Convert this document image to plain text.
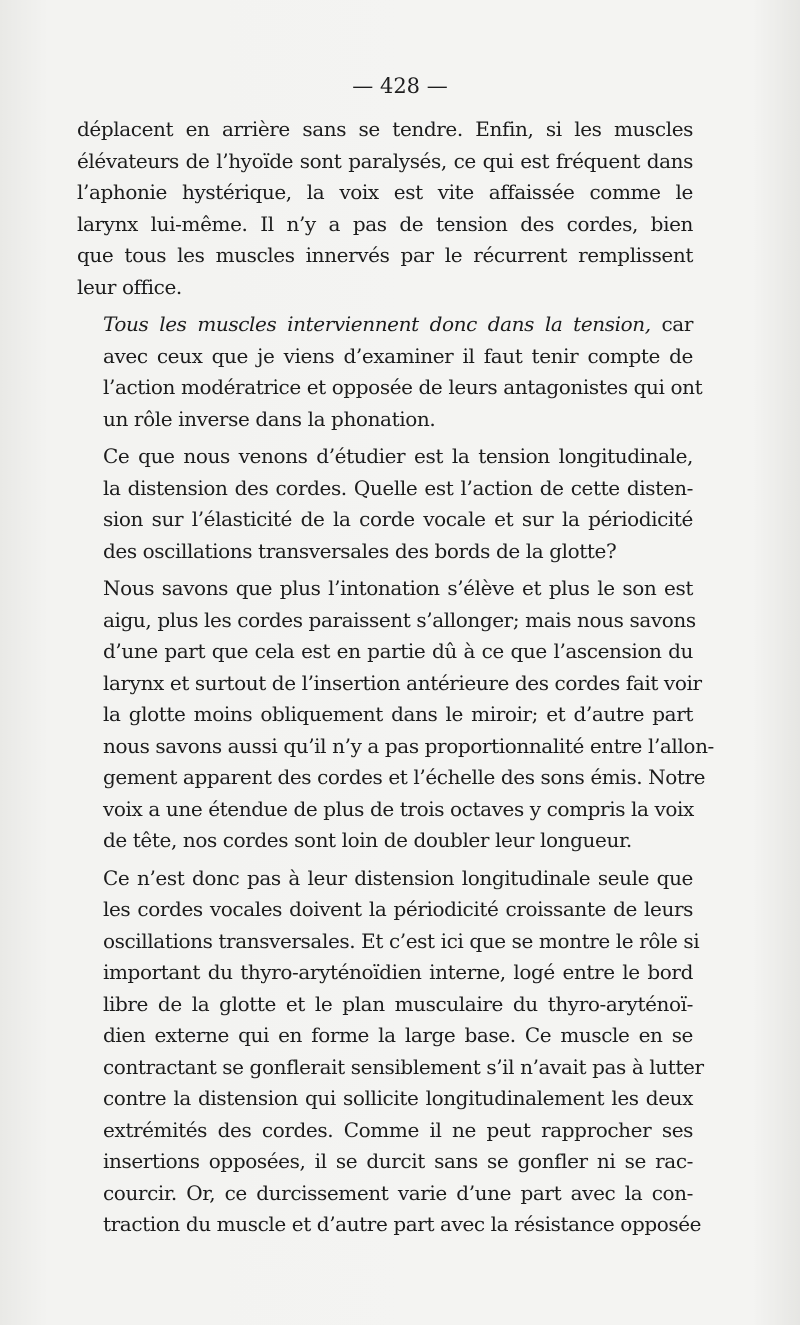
— 428 —

déplacent en arrière sans se tendre. Enfin, si les muscles
élévateurs de l’hyoïde sont paralysés, ce qui est fréquent dans
l’aphonie hystérique, la voix est vite affaissée comme le
larynx lui-même. Il n’y a pas de tension des cordes, bien
que tous les muscles innervés par le récurrent remplissent
leur office.

Tous les muscles interviennent donc dans la tension, car
avec ceux que je viens d’examiner il faut tenir compte de
l’action modératrice et opposée de leurs antagonistes qui ont
un rôle inverse dans la phonation.

Ce que nous venons d’étudier est la tension longitudinale,
la distension des cordes. Quelle est l’action de cette disten-
sion sur l’élasticité de la corde vocale et sur la périodicité
des oscillations transversales des bords de la glotte?

Nous savons que plus l’intonation s’élève et plus le son est
aigu, plus les cordes paraissent s’allonger; mais nous savons
d’une part que cela est en partie dû à ce que l’ascension du
larynx et surtout de l’insertion antérieure des cordes fait voir
la glotte moins obliquement dans le miroir; et d’autre part
nous savons aussi qu’il n’y a pas proportionnalité entre l’allon-
gement apparent des cordes et l’échelle des sons émis. Notre
voix a une étendue de plus de trois octaves y compris la voix
de tête, nos cordes sont loin de doubler leur longueur.

Ce n’est donc pas à leur distension longitudinale seule que
les cordes vocales doivent la périodicité croissante de leurs
oscillations transversales. Et c’est ici que se montre le rôle si
important du thyro-aryténoïdien interne, logé entre le bord
libre de la glotte et le plan musculaire du thyro-aryténoï-
dien externe qui en forme la large base. Ce muscle en se
contractant se gonflerait sensiblement s’il n’avait pas à lutter
contre la distension qui sollicite longitudinalement les deux
extrémités des cordes. Comme il ne peut rapprocher ses
insertions opposées, il se durcit sans se gonfler ni se rac-
courcir. Or, ce durcissement varie d’une part avec la con-
traction du muscle et d’autre part avec la résistance opposée
